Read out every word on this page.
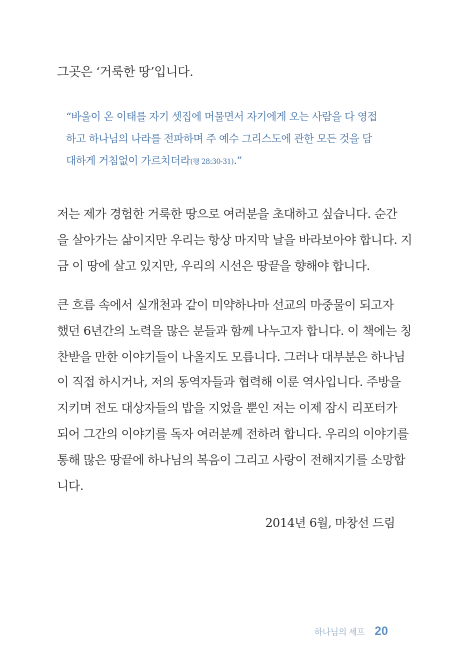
그곳은 ‘거룩한 땅’입니다.
“바울이 온 이태를 자기 셋집에 머물면서 자기에게 오는 사람을 다 영접
하고 하나님의 나라를 전파하며 주 예수 그리스도에 관한 모든 것을 담
대하게 거침없이 가르치더라(행 28:30-31).”
저는 제가 경험한 거룩한 땅으로 여러분을 초대하고 싶습니다. 순간
을 살아가는 삶이지만 우리는 항상 마지막 날을 바라보아야 합니다. 지
금 이 땅에 살고 있지만, 우리의 시선은 땅끝을 향해야 합니다.
큰 흐름 속에서 실개천과 같이 미약하나마 선교의 마중물이 되고자
했던 6년간의 노력을 많은 분들과 함께 나누고자 합니다. 이 책에는 칭
찬받을 만한 이야기들이 나올지도 모릅니다. 그러나 대부분은 하나님
이 직접 하시거나, 저의 동역자들과 협력해 이룬 역사입니다. 주방을
지키며 전도 대상자들의 밥을 지었을 뿐인 저는 이제 잠시 리포터가
되어 그간의 이야기를 독자 여러분께 전하려 합니다. 우리의 이야기를
통해 많은 땅끝에 하나님의 복음이 그리고 사랑이 전해지기를 소망합
니다.
2014년 6월, 마창선 드림
하나님의 셰프 20
